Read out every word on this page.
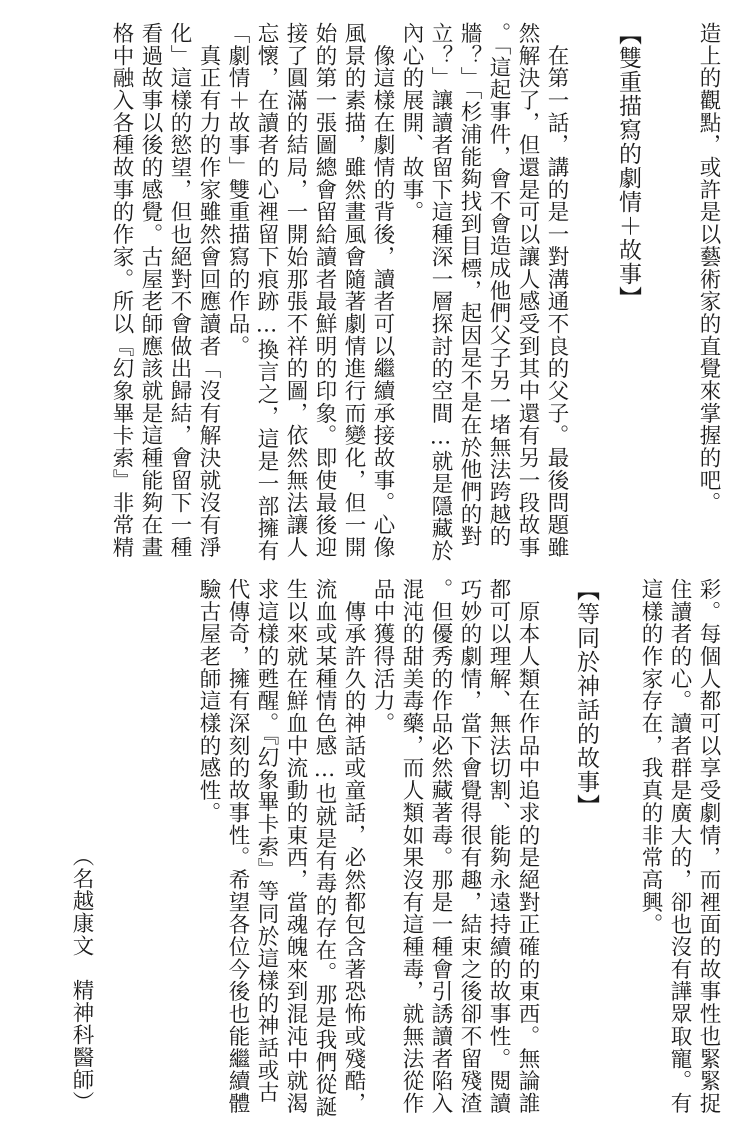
造上的觀點，或許是以藝術家的直覺來掌握的吧。
【雙重描寫的劇情＋故事】
　在第一話，講的是一對溝通不良的父子。最後問題雖
然解決了，但還是可以讓人感受到其中還有另一段故事
。「這起事件，會不會造成他們父子另一堵無法跨越的
牆？」「杉浦能夠找到目標，起因是不是在於他們的對
立？」讓讀者留下這種深一層探討的空間…就是隱藏於
內心的展開、故事。
　像這樣在劇情的背後，讀者可以繼續承接故事。心像
風景的素描，雖然畫風會隨著劇情進行而變化，但一開
始的第一張圖總會留給讀者最鮮明的印象。即使最後迎
接了圓滿的結局，一開始那張不祥的圖，依然無法讓人
忘懷，在讀者的心裡留下痕跡…換言之，這是一部擁有
「劇情＋故事」雙重描寫的作品。
　真正有力的作家雖然會回應讀者「沒有解決就沒有淨
化」這樣的慾望，但也絕對不會做出歸結，會留下一種
看過故事以後的感覺。古屋老師應該就是這種能夠在畫
格中融入各種故事的作家。所以『幻象畢卡索』非常精
彩。每個人都可以享受劇情，而裡面的故事性也緊緊捉
住讀者的心。讀者群是廣大的，卻也沒有譁眾取寵。有
這樣的作家存在，我真的非常高興。
【等同於神話的故事】
　原本人類在作品中追求的是絕對正確的東西。無論誰
都可以理解、無法切割、能夠永遠持續的故事性。閱讀
巧妙的劇情，當下會覺得很有趣，結束之後卻不留殘渣
。但優秀的作品必然藏著毒。那是一種會引誘讀者陷入
混沌的甜美毒藥，而人類如果沒有這種毒，就無法從作
品中獲得活力。
　傳承許久的神話或童話，必然都包含著恐怖或殘酷，
流血或某種情色感…也就是有毒的存在。那是我們從誕
生以來就在鮮血中流動的東西，當魂魄來到混沌中就渴
求這樣的甦醒。『幻象畢卡索』等同於這樣的神話或古
代傳奇，擁有深刻的故事性。希望各位今後也能繼續體
驗古屋老師這樣的感性。
（名越康文　精神科醫師）
